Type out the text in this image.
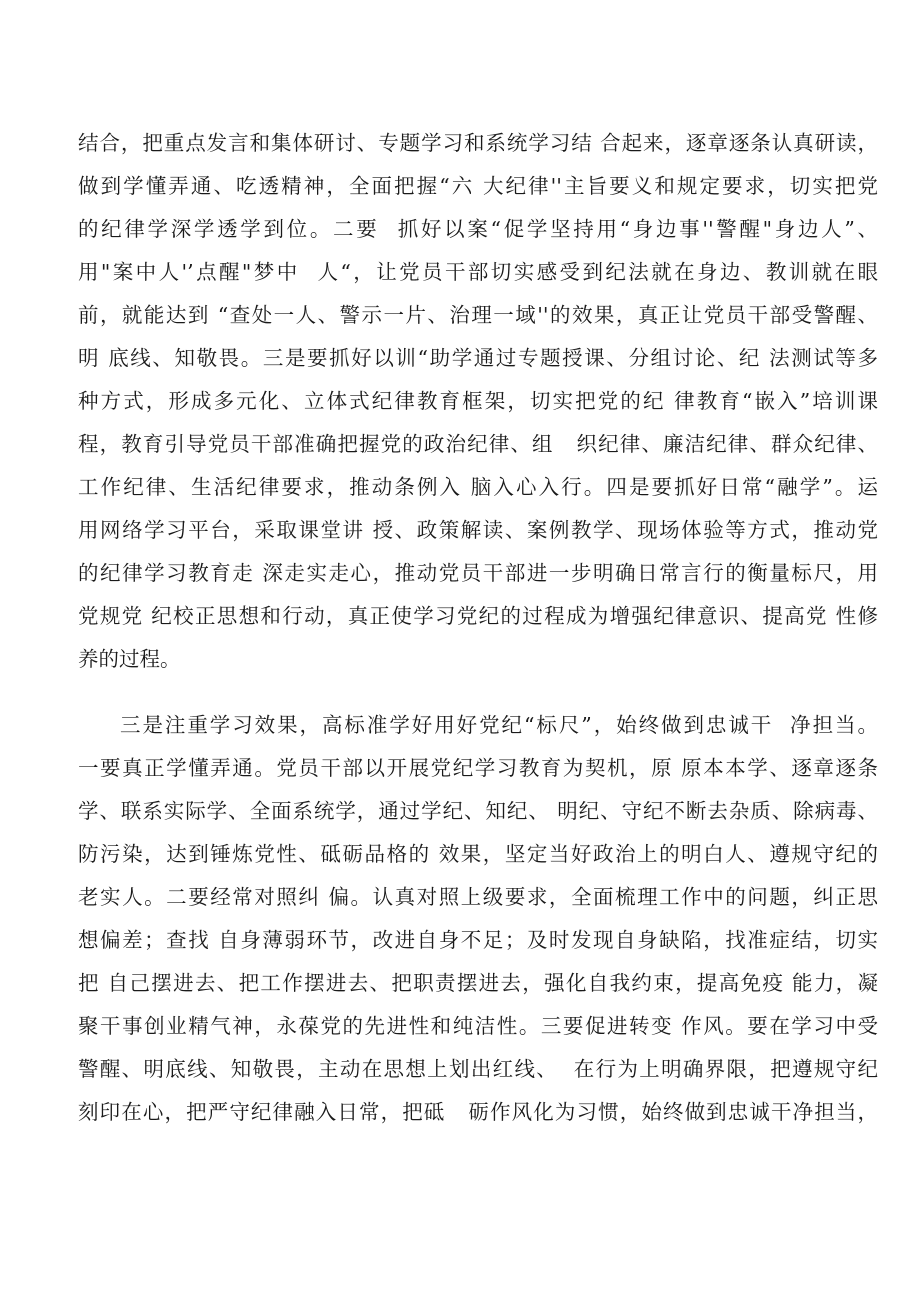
结合，把重点发言和集体研讨、专题学习和系统学习结 合起来，逐章逐条认真研读，
做到学懂弄通、吃透精神，全面把握“六 大纪律''主旨要义和规定要求，切实把党
的纪律学深学透学到位。二要  抓好以案“促学坚持用“身边事''警醒"身边人”、
用"案中人'’点醒"梦中  人“，让党员干部切实感受到纪法就在身边、教训就在眼
前，就能达到 “查处一人、警示一片、治理一域''的效果，真正让党员干部受警醒、
明 底线、知敬畏。三是要抓好以训“助学通过专题授课、分组讨论、纪 法测试等多
种方式，形成多元化、立体式纪律教育框架，切实把党的纪 律教育“嵌入”培训课
程，教育引导党员干部准确把握党的政治纪律、组   织纪律、廉洁纪律、群众纪律、
工作纪律、生活纪律要求，推动条例入 脑入心入行。四是要抓好日常“融学”。运
用网络学习平台，采取课堂讲 授、政策解读、案例教学、现场体验等方式，推动党
的纪律学习教育走 深走实走心，推动党员干部进一步明确日常言行的衡量标尺，用
党规党 纪校正思想和行动，真正使学习党纪的过程成为增强纪律意识、提高党 性修
养的过程。
三是注重学习效果，高标准学好用好党纪“标尺”，始终做到忠诚干  净担当。
一要真正学懂弄通。党员干部以开展党纪学习教育为契机，原 原本本学、逐章逐条
学、联系实际学、全面系统学，通过学纪、知纪、 明纪、守纪不断去杂质、除病毒、
防污染，达到锤炼党性、砥砺品格的 效果，坚定当好政治上的明白人、遵规守纪的
老实人。二要经常对照纠 偏。认真对照上级要求，全面梳理工作中的问题，纠正思
想偏差；查找 自身薄弱环节，改进自身不足；及时发现自身缺陷，找准症结，切实
把 自己摆进去、把工作摆进去、把职责摆进去，强化自我约束，提高免疫 能力，凝
聚干事创业精气神，永葆党的先进性和纯洁性。三要促进转变 作风。要在学习中受
警醒、明底线、知敬畏，主动在思想上划出红线、  在行为上明确界限，把遵规守纪
刻印在心，把严守纪律融入日常，把砥   砺作风化为习惯，始终做到忠诚干净担当，
